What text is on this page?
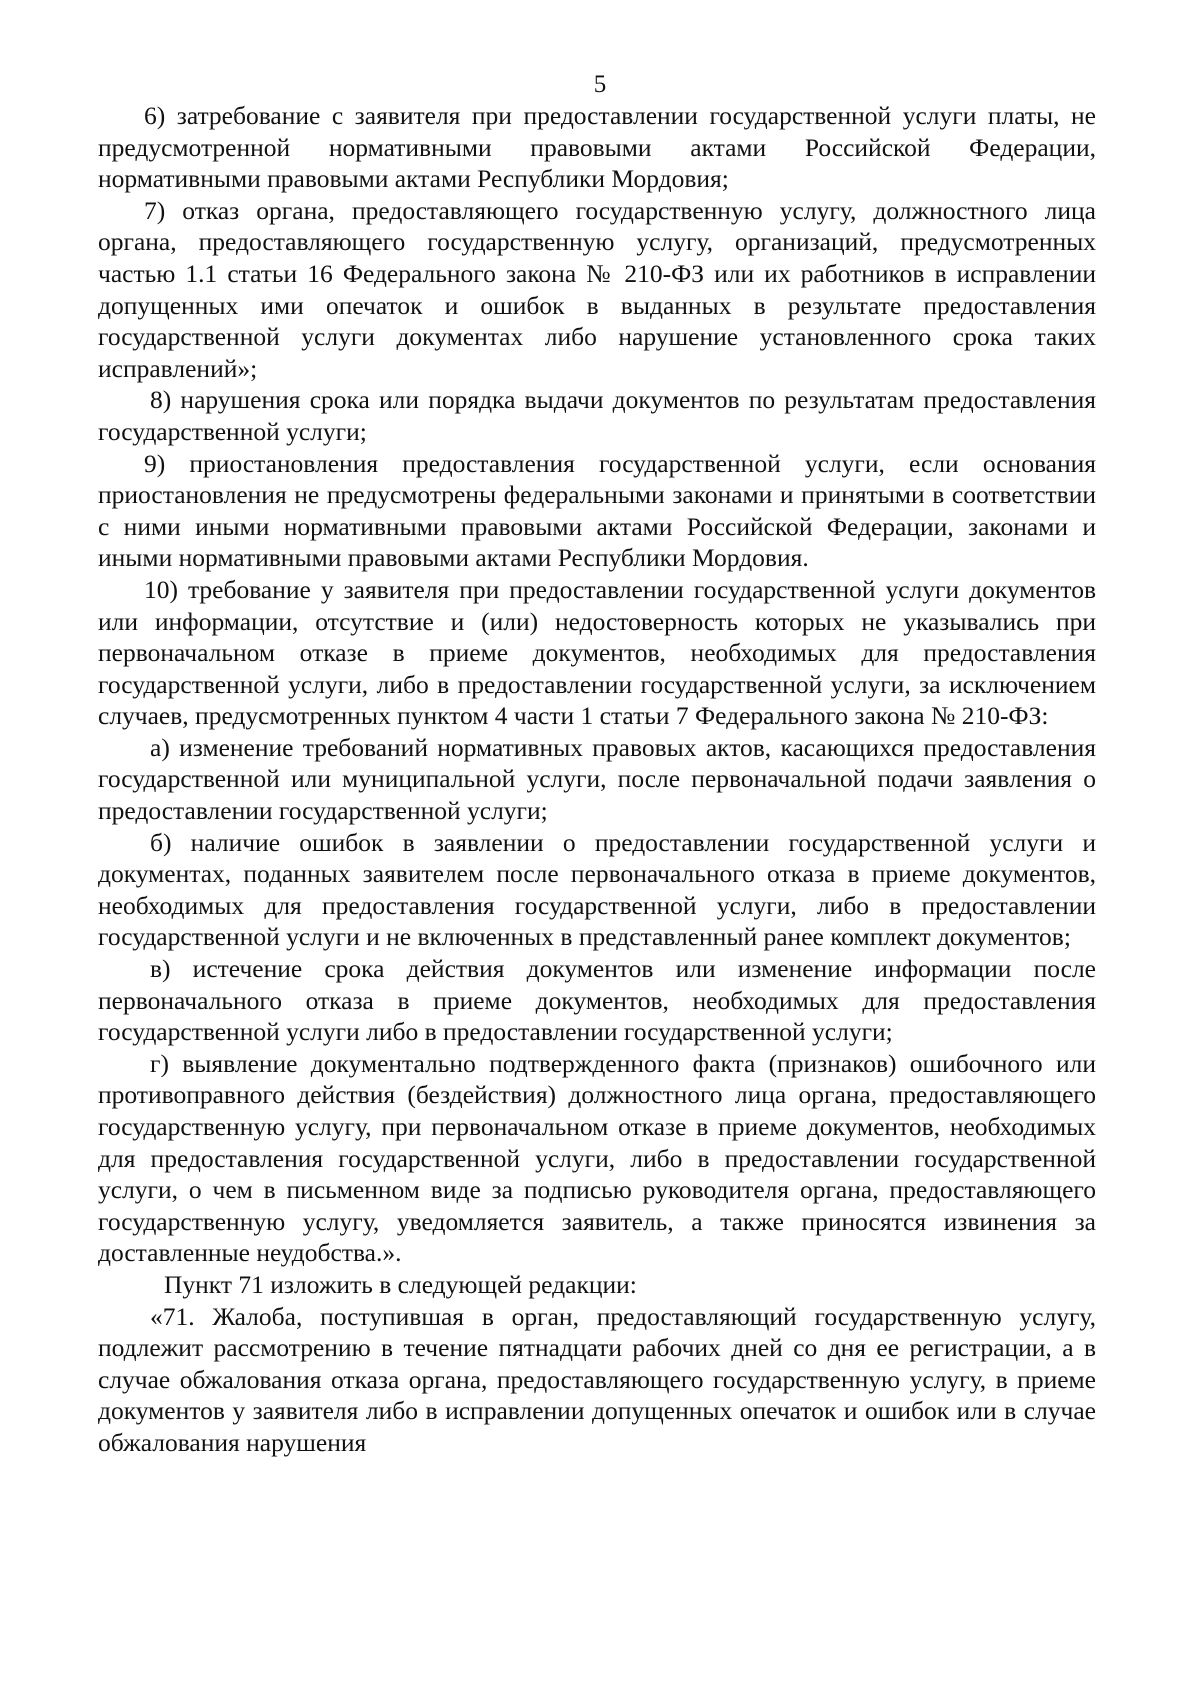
5

6) затребование с заявителя при предоставлении государственной услуги платы, не предусмотренной нормативными правовыми актами Российской Федерации, нормативными правовыми актами Республики Мордовия;

7) отказ органа, предоставляющего государственную услугу, должностного лица органа, предоставляющего государственную услугу, организаций, предусмотренных частью 1.1 статьи 16 Федерального закона № 210-ФЗ или их работников в исправлении допущенных ими опечаток и ошибок в выданных в результате предоставления государственной услуги документах либо нарушение установленного срока таких исправлений»;

8) нарушения срока или порядка выдачи документов по результатам предоставления государственной услуги;

9) приостановления предоставления государственной услуги, если основания приостановления не предусмотрены федеральными законами и принятыми в соответствии с ними иными нормативными правовыми актами Российской Федерации, законами и иными нормативными правовыми актами Республики Мордовия.

10) требование у заявителя при предоставлении государственной услуги документов или информации, отсутствие и (или) недостоверность которых не указывались при первоначальном отказе в приеме документов, необходимых для предоставления государственной услуги, либо в предоставлении государственной услуги, за исключением случаев, предусмотренных пунктом 4 части 1 статьи 7 Федерального закона № 210-ФЗ:

а) изменение требований нормативных правовых актов, касающихся предоставления государственной или муниципальной услуги, после первоначальной подачи заявления о предоставлении государственной услуги;

б) наличие ошибок в заявлении о предоставлении государственной услуги и документах, поданных заявителем после первоначального отказа в приеме документов, необходимых для предоставления государственной услуги, либо в предоставлении государственной услуги и не включенных в представленный ранее комплект документов;

в) истечение срока действия документов или изменение информации после первоначального отказа в приеме документов, необходимых для предоставления государственной услуги либо в предоставлении государственной услуги;

г) выявление документально подтвержденного факта (признаков) ошибочного или противоправного действия (бездействия) должностного лица органа, предоставляющего государственную услугу, при первоначальном отказе в приеме документов, необходимых для предоставления государственной услуги, либо в предоставлении государственной услуги, о чем в письменном виде за подписью руководителя органа, предоставляющего государственную услугу, уведомляется заявитель, а также приносятся извинения за доставленные неудобства.».

Пункт 71 изложить в следующей редакции:

«71. Жалоба, поступившая в орган, предоставляющий государственную услугу, подлежит рассмотрению в течение пятнадцати рабочих дней со дня ее регистрации, а в случае обжалования отказа органа, предоставляющего государственную услугу, в приеме документов у заявителя либо в исправлении допущенных опечаток и ошибок или в случае обжалования нарушения
